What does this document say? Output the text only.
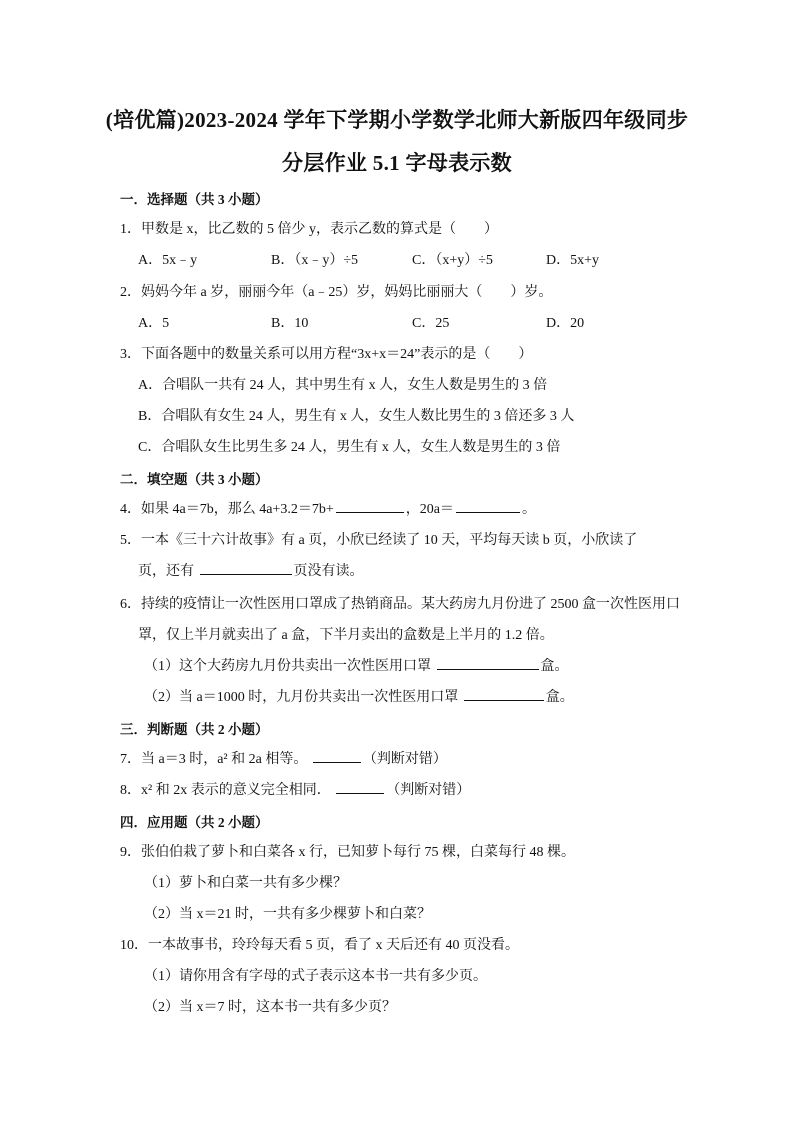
(培优篇)2023-2024 学年下学期小学数学北师大新版四年级同步
分层作业 5.1 字母表示数
一．选择题（共 3 小题）
1．甲数是 x，比乙数的 5 倍少 y，表示乙数的算式是（　　）
A．5x﹣y	B．（x﹣y）÷5	C．（x+y）÷5	D．5x+y
2．妈妈今年 a 岁，丽丽今年（a﹣25）岁，妈妈比丽丽大（　　）岁。
A．5	B．10	C．25	D．20
3．下面各题中的数量关系可以用方程“3x+x＝24”表示的是（　　）
A．合唱队一共有 24 人，其中男生有 x 人，女生人数是男生的 3 倍
B．合唱队有女生 24 人，男生有 x 人，女生人数比男生的 3 倍还多 3 人
C．合唱队女生比男生多 24 人，男生有 x 人，女生人数是男生的 3 倍
二．填空题（共 3 小题）
4．如果 4a＝7b，那么 4a+3.2＝7b+	，20a＝	。
5．一本《三十六计故事》有 a 页，小欣已经读了 10 天，平均每天读 b 页，小欣读了
页，还有	页没有读。
6．持续的疫情让一次性医用口罩成了热销商品。某大药房九月份进了 2500 盒一次性医用口
罩，仅上半月就卖出了 a 盒，下半月卖出的盒数是上半月的 1.2 倍。
（1）这个大药房九月份共卖出一次性医用口罩	盒。
（2）当 a＝1000 时，九月份共卖出一次性医用口罩	盒。
三．判断题（共 2 小题）
7．当 a＝3 时，a² 和 2a 相等。	（判断对错）
8．x² 和 2x 表示的意义完全相同．	（判断对错）
四．应用题（共 2 小题）
9．张伯伯栽了萝卜和白菜各 x 行，已知萝卜每行 75 棵，白菜每行 48 棵。
（1）萝卜和白菜一共有多少棵？
（2）当 x＝21 时，一共有多少棵萝卜和白菜？
10．一本故事书，玲玲每天看 5 页，看了 x 天后还有 40 页没看。
（1）请你用含有字母的式子表示这本书一共有多少页。
（2）当 x＝7 时，这本书一共有多少页？
